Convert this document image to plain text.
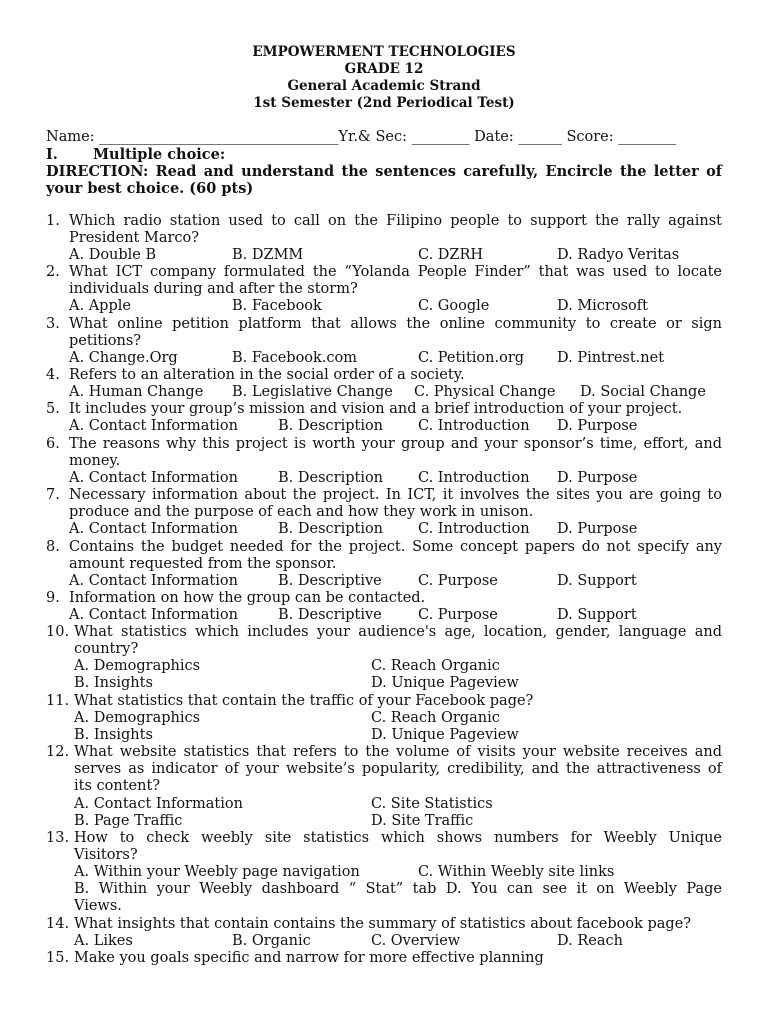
EMPOWERMENT TECHNOLOGIES

GRADE 12

General Academic Strand

1st Semester (2nd Periodical Test)

Name: _________________________________Yr.& Sec: ________ Date: ______ Score: ________

I. Multiple choice:

DIRECTION: Read and understand the sentences carefully, Encircle the letter of

your best choice. (60 pts)

1. Which radio station used to call on the Filipino people to support the rally against

President Marco?

A. Double B	B. DZMM	C. DZRH	D. Radyo Veritas
2. What ICT company formulated the “Yolanda People Finder” that was used to locate

individuals during and after the storm?

A. Apple	B. Facebook	C. Google	D. Microsoft
3. What online petition platform that allows the online community to create or sign

petitions?

A. Change.Org	B. Facebook.com	C. Petition.org D. Pintrest.net
4. Refers to an alteration in the social order of a society.

A. Human Change B. Legislative Change C. Physical Change D. Social Change
5. It includes your group’s mission and vision and a brief introduction of your project.

A. Contact Information	B. Description C. Introduction D. Purpose
6. The reasons why this project is worth your group and your sponsor’s time, effort, and

money.

A. Contact Information	B. Description C. Introduction D. Purpose
7. Necessary information about the project. In ICT, it involves the sites you are going to

produce and the purpose of each and how they work in unison.

A. Contact Information	B. Description C. Introduction D. Purpose
8. Contains the budget needed for the project. Some concept papers do not specify any

amount requested from the sponsor.

A. Contact Information	B. Descriptive	C. Purpose	D. Support
9. Information on how the group can be contacted.

A. Contact Information	B. Descriptive	C. Purpose	D. Support
10. What statistics which includes your audience's age, location, gender, language and

country?

A. Demographics	C. Reach Organic
B. Insights	D. Unique Pageview
11. What statistics that contain the traffic of your Facebook page?

A. Demographics	C. Reach Organic
B. Insights	D. Unique Pageview
12. What website statistics that refers to the volume of visits your website receives and

serves as indicator of your website’s popularity, credibility, and the attractiveness of

its content?

A. Contact Information	C. Site Statistics
B. Page Traffic	D. Site Traffic
13. How to check weebly site statistics which shows numbers for Weebly Unique

Visitors?

A. Within your Weebly page navigation	C. Within Weebly site links

B. Within your Weebly dashboard “ Stat” tab D. You can see it on Weebly Page

Views.

14. What insights that contain contains the summary of statistics about facebook page?

A. Likes	B. Organic	C. Overview	D. Reach
15. Make you goals specific and narrow for more effective planning
